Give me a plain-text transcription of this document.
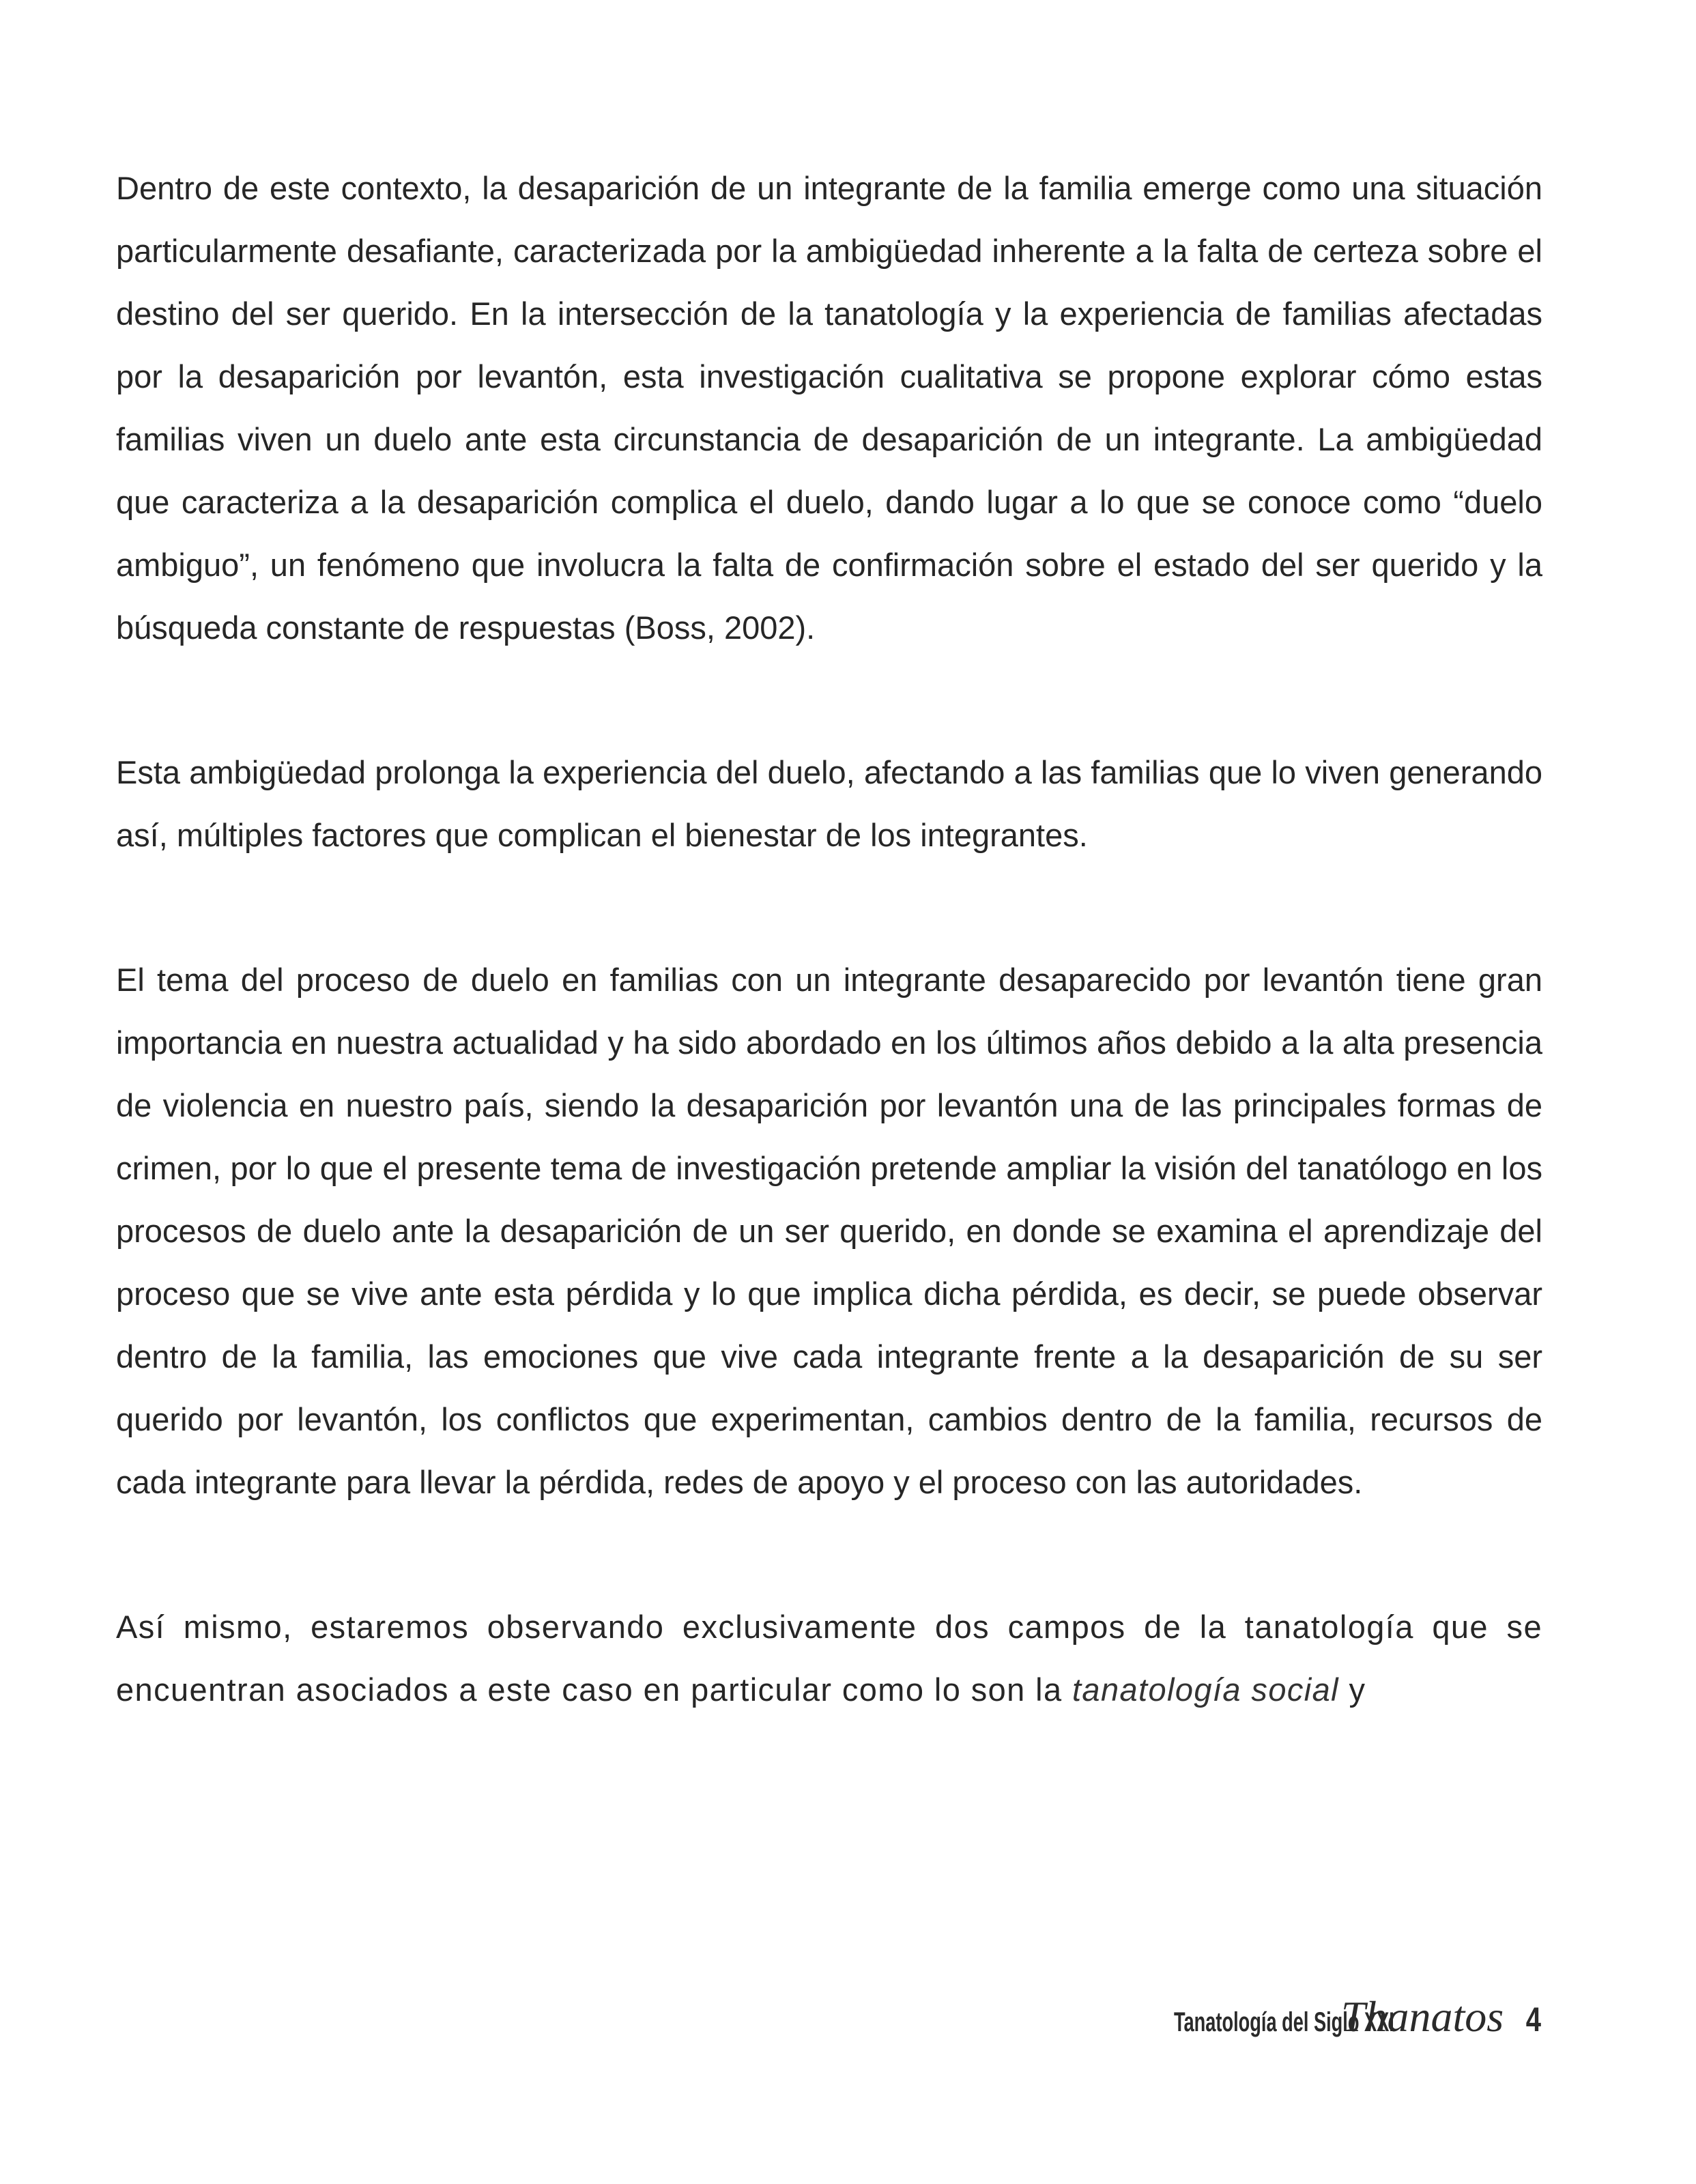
Dentro de este contexto, la desaparición de un integrante de la familia emerge como una situación particularmente desafiante, caracterizada por la ambigüedad inherente a la falta de certeza sobre el destino del ser querido. En la intersección de la tanatología y la experiencia de familias afectadas por la desaparición por levantón, esta investigación cualitativa se propone explorar cómo estas familias viven un duelo ante esta circunstancia de desaparición de un integrante. La ambigüedad que caracteriza a la desaparición complica el duelo, dando lugar a lo que se conoce como “duelo ambiguo”, un fenómeno que involucra la falta de confirmación sobre el estado del ser querido y la búsqueda constante de respuestas (Boss, 2002).

Esta ambigüedad prolonga la experiencia del duelo, afectando a las familias que lo viven generando así, múltiples factores que complican el bienestar de los integrantes.

El tema del proceso de duelo en familias con un integrante desaparecido por levantón tiene gran importancia en nuestra actualidad y ha sido abordado en los últimos años debido a la alta presencia de violencia en nuestro país, siendo la desaparición por levantón una de las principales formas de crimen, por lo que el presente tema de investigación pretende ampliar la visión del tanatólogo en los procesos de duelo ante la desaparición de un ser querido, en donde se examina el aprendizaje del proceso que se vive ante esta pérdida y lo que implica dicha pérdida, es decir, se puede observar dentro de la familia, las emociones que vive cada integrante frente a la desaparición de su ser querido por levantón, los conflictos que experimentan, cambios dentro de la familia, recursos de cada integrante para llevar la pérdida, redes de apoyo y el proceso con las autoridades.

Así mismo, estaremos observando exclusivamente dos campos de la tanatología que se encuentran asociados a este caso en particular como lo son la tanatología social y

Tanatología del Siglo XXI
Thanatos 4
